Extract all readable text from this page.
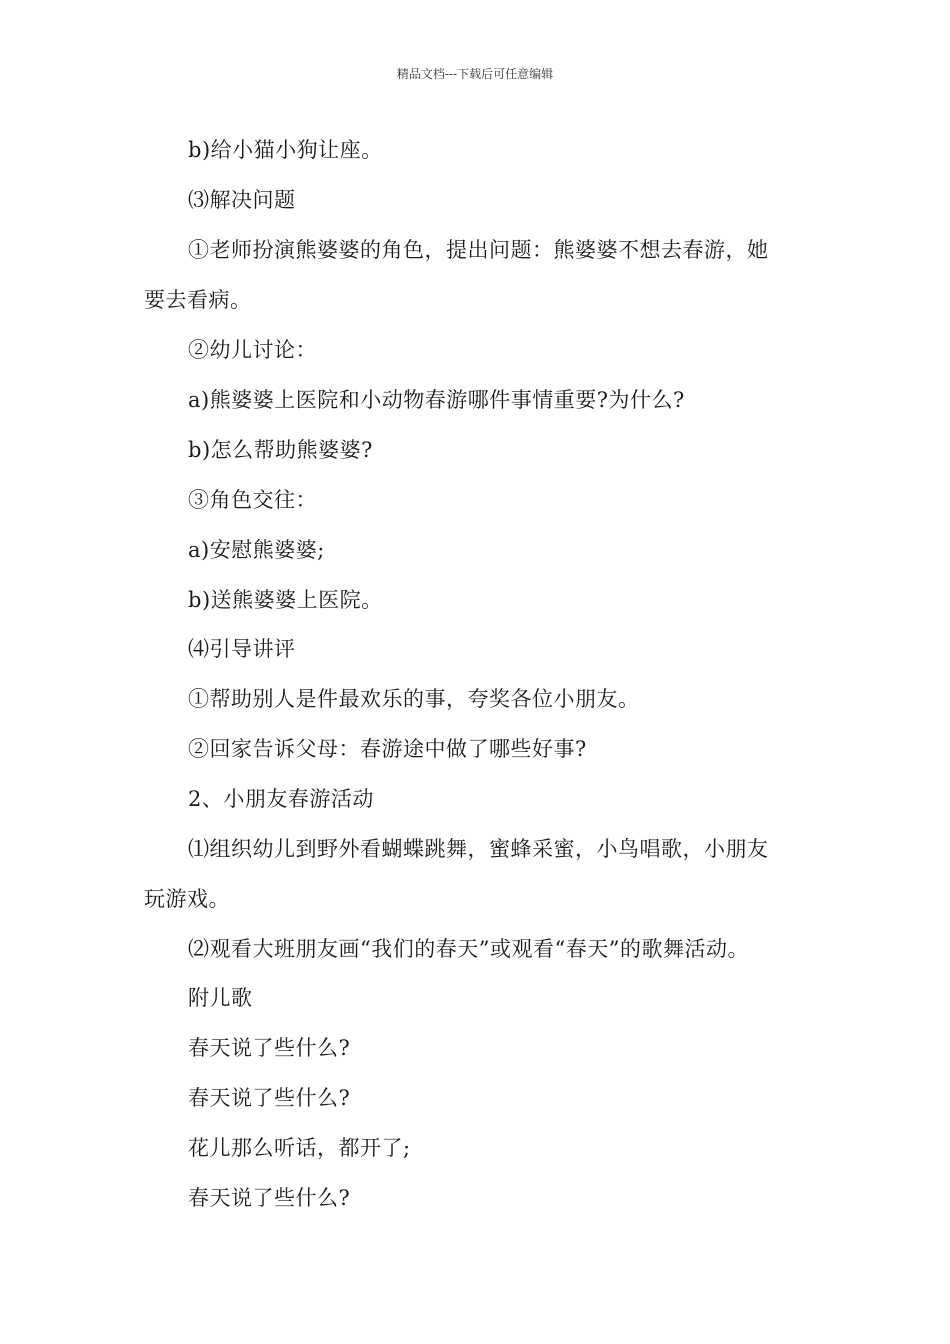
精品文档---下载后可任意编辑
b)给小猫小狗让座。
⑶解决问题
①老师扮演熊婆婆的角色，提出问题：熊婆婆不想去春游，她
要去看病。
②幼儿讨论：
a)熊婆婆上医院和小动物春游哪件事情重要?为什么?
b)怎么帮助熊婆婆?
③角色交往：
a)安慰熊婆婆;
b)送熊婆婆上医院。
⑷引导讲评
①帮助别人是件最欢乐的事，夸奖各位小朋友。
②回家告诉父母：春游途中做了哪些好事?
2、小朋友春游活动
⑴组织幼儿到野外看蝴蝶跳舞，蜜蜂采蜜，小鸟唱歌，小朋友
玩游戏。
⑵观看大班朋友画“我们的春天”或观看“春天”的歌舞活动。
附儿歌
春天说了些什么?
春天说了些什么?
花儿那么听话，都开了;
春天说了些什么?
